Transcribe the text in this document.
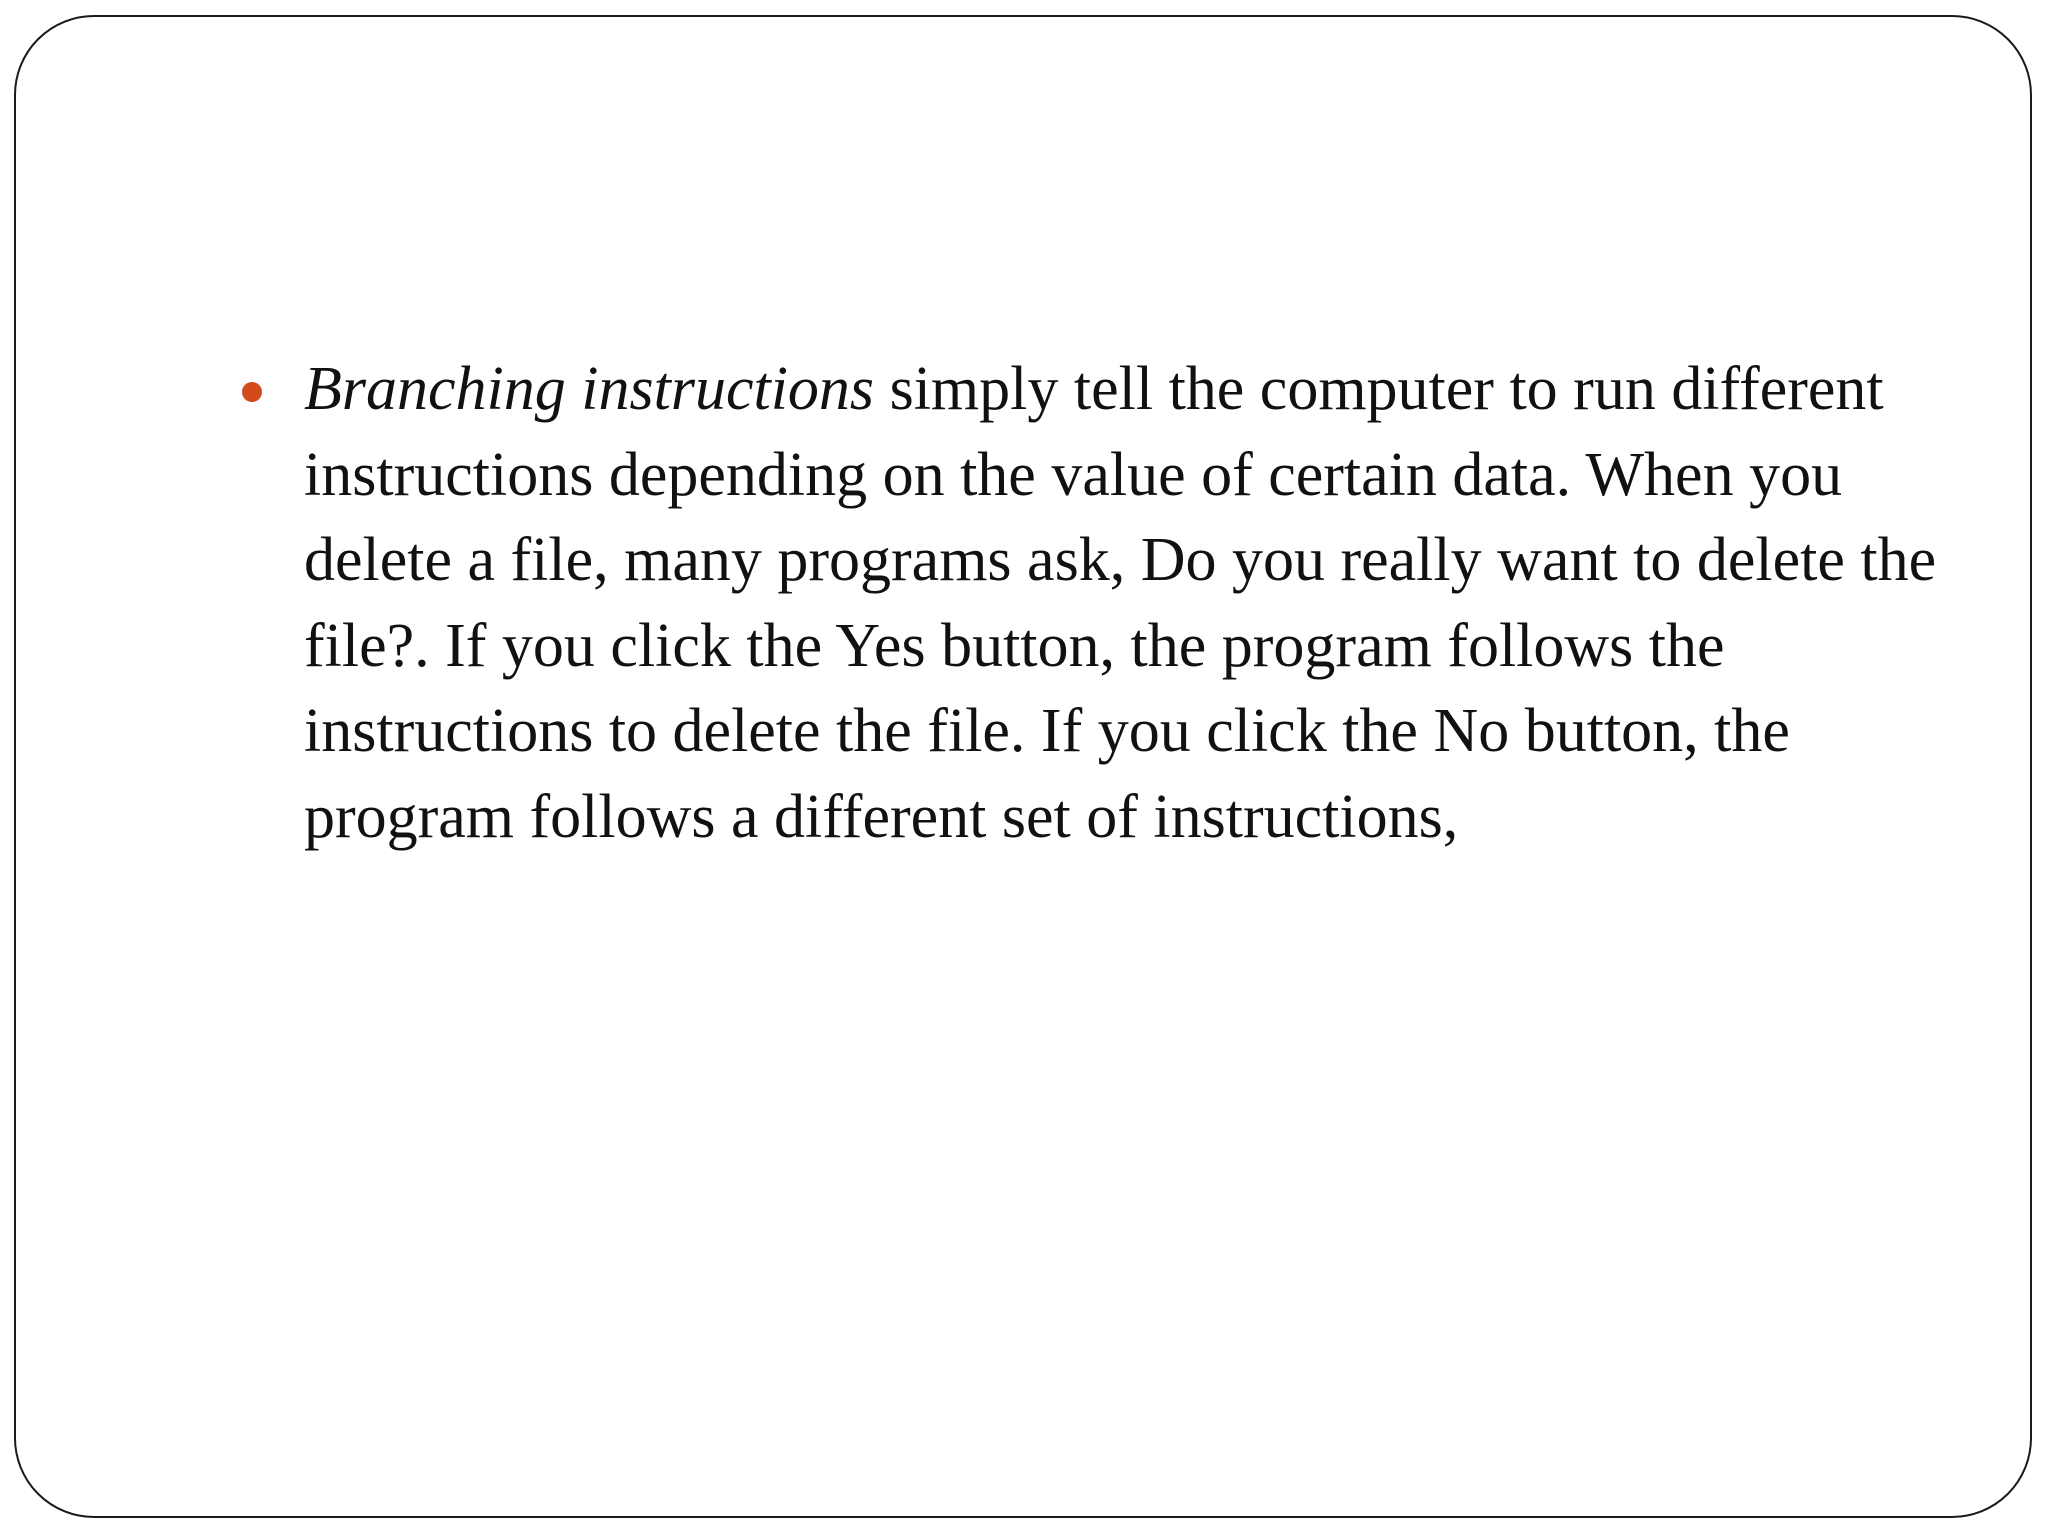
Branching instructions simply tell the computer to run different instructions depending on the value of certain data. When you delete a file, many programs ask, Do you really want to delete the file?. If you click the Yes button, the program follows the instructions to delete the file. If you click the No button, the program follows a different set of instructions,
